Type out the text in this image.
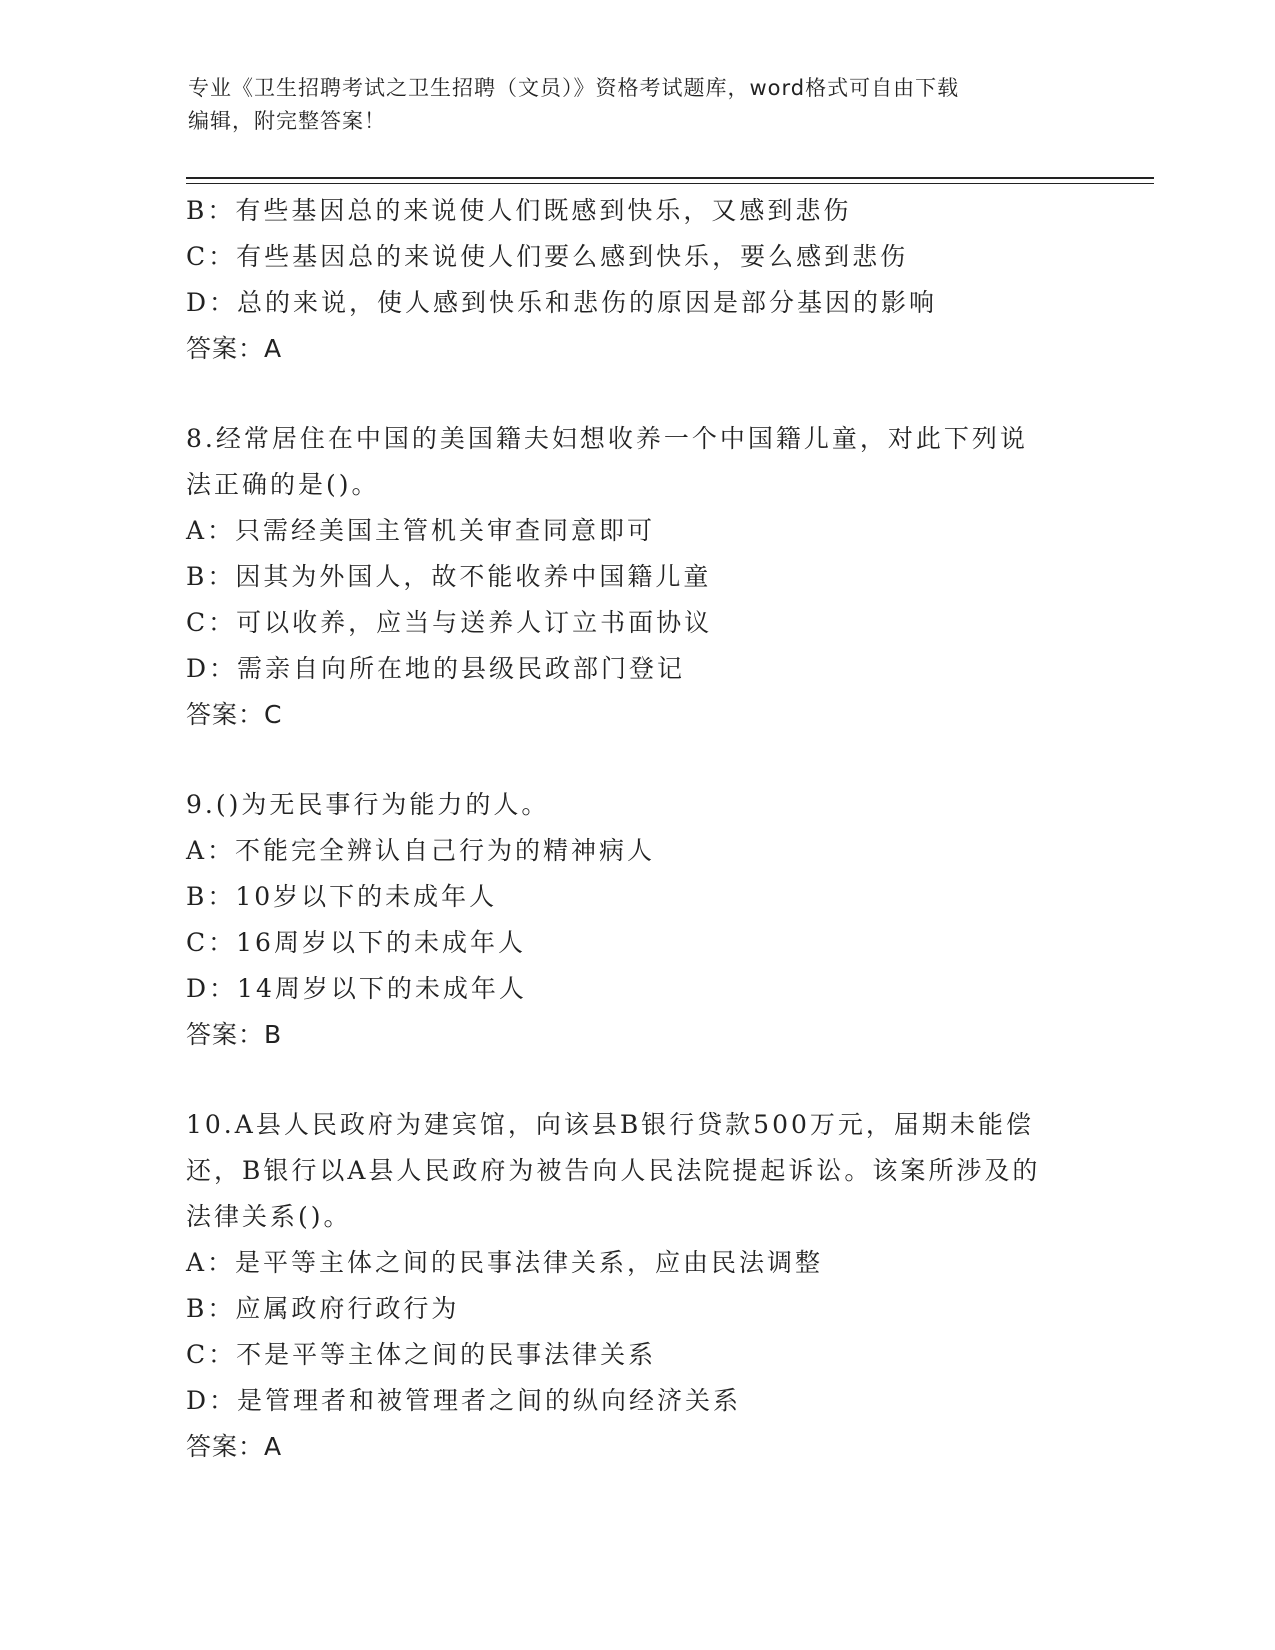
专业《卫生招聘考试之卫生招聘（文员）》资格考试题库，word格式可自由下载
编辑，附完整答案！
B：有些基因总的来说使人们既感到快乐，又感到悲伤
C：有些基因总的来说使人们要么感到快乐，要么感到悲伤
D：总的来说，使人感到快乐和悲伤的原因是部分基因的影响
答案：A
8.经常居住在中国的美国籍夫妇想收养一个中国籍儿童，对此下列说
法正确的是()。
A：只需经美国主管机关审查同意即可
B：因其为外国人，故不能收养中国籍儿童
C：可以收养，应当与送养人订立书面协议
D：需亲自向所在地的县级民政部门登记
答案：C
9.()为无民事行为能力的人。
A：不能完全辨认自己行为的精神病人
B：10岁以下的未成年人
C：16周岁以下的未成年人
D：14周岁以下的未成年人
答案：B
10.A县人民政府为建宾馆，向该县B银行贷款500万元，届期未能偿
还，B银行以A县人民政府为被告向人民法院提起诉讼。该案所涉及的
法律关系()。
A：是平等主体之间的民事法律关系，应由民法调整
B：应属政府行政行为
C：不是平等主体之间的民事法律关系
D：是管理者和被管理者之间的纵向经济关系
答案：A
